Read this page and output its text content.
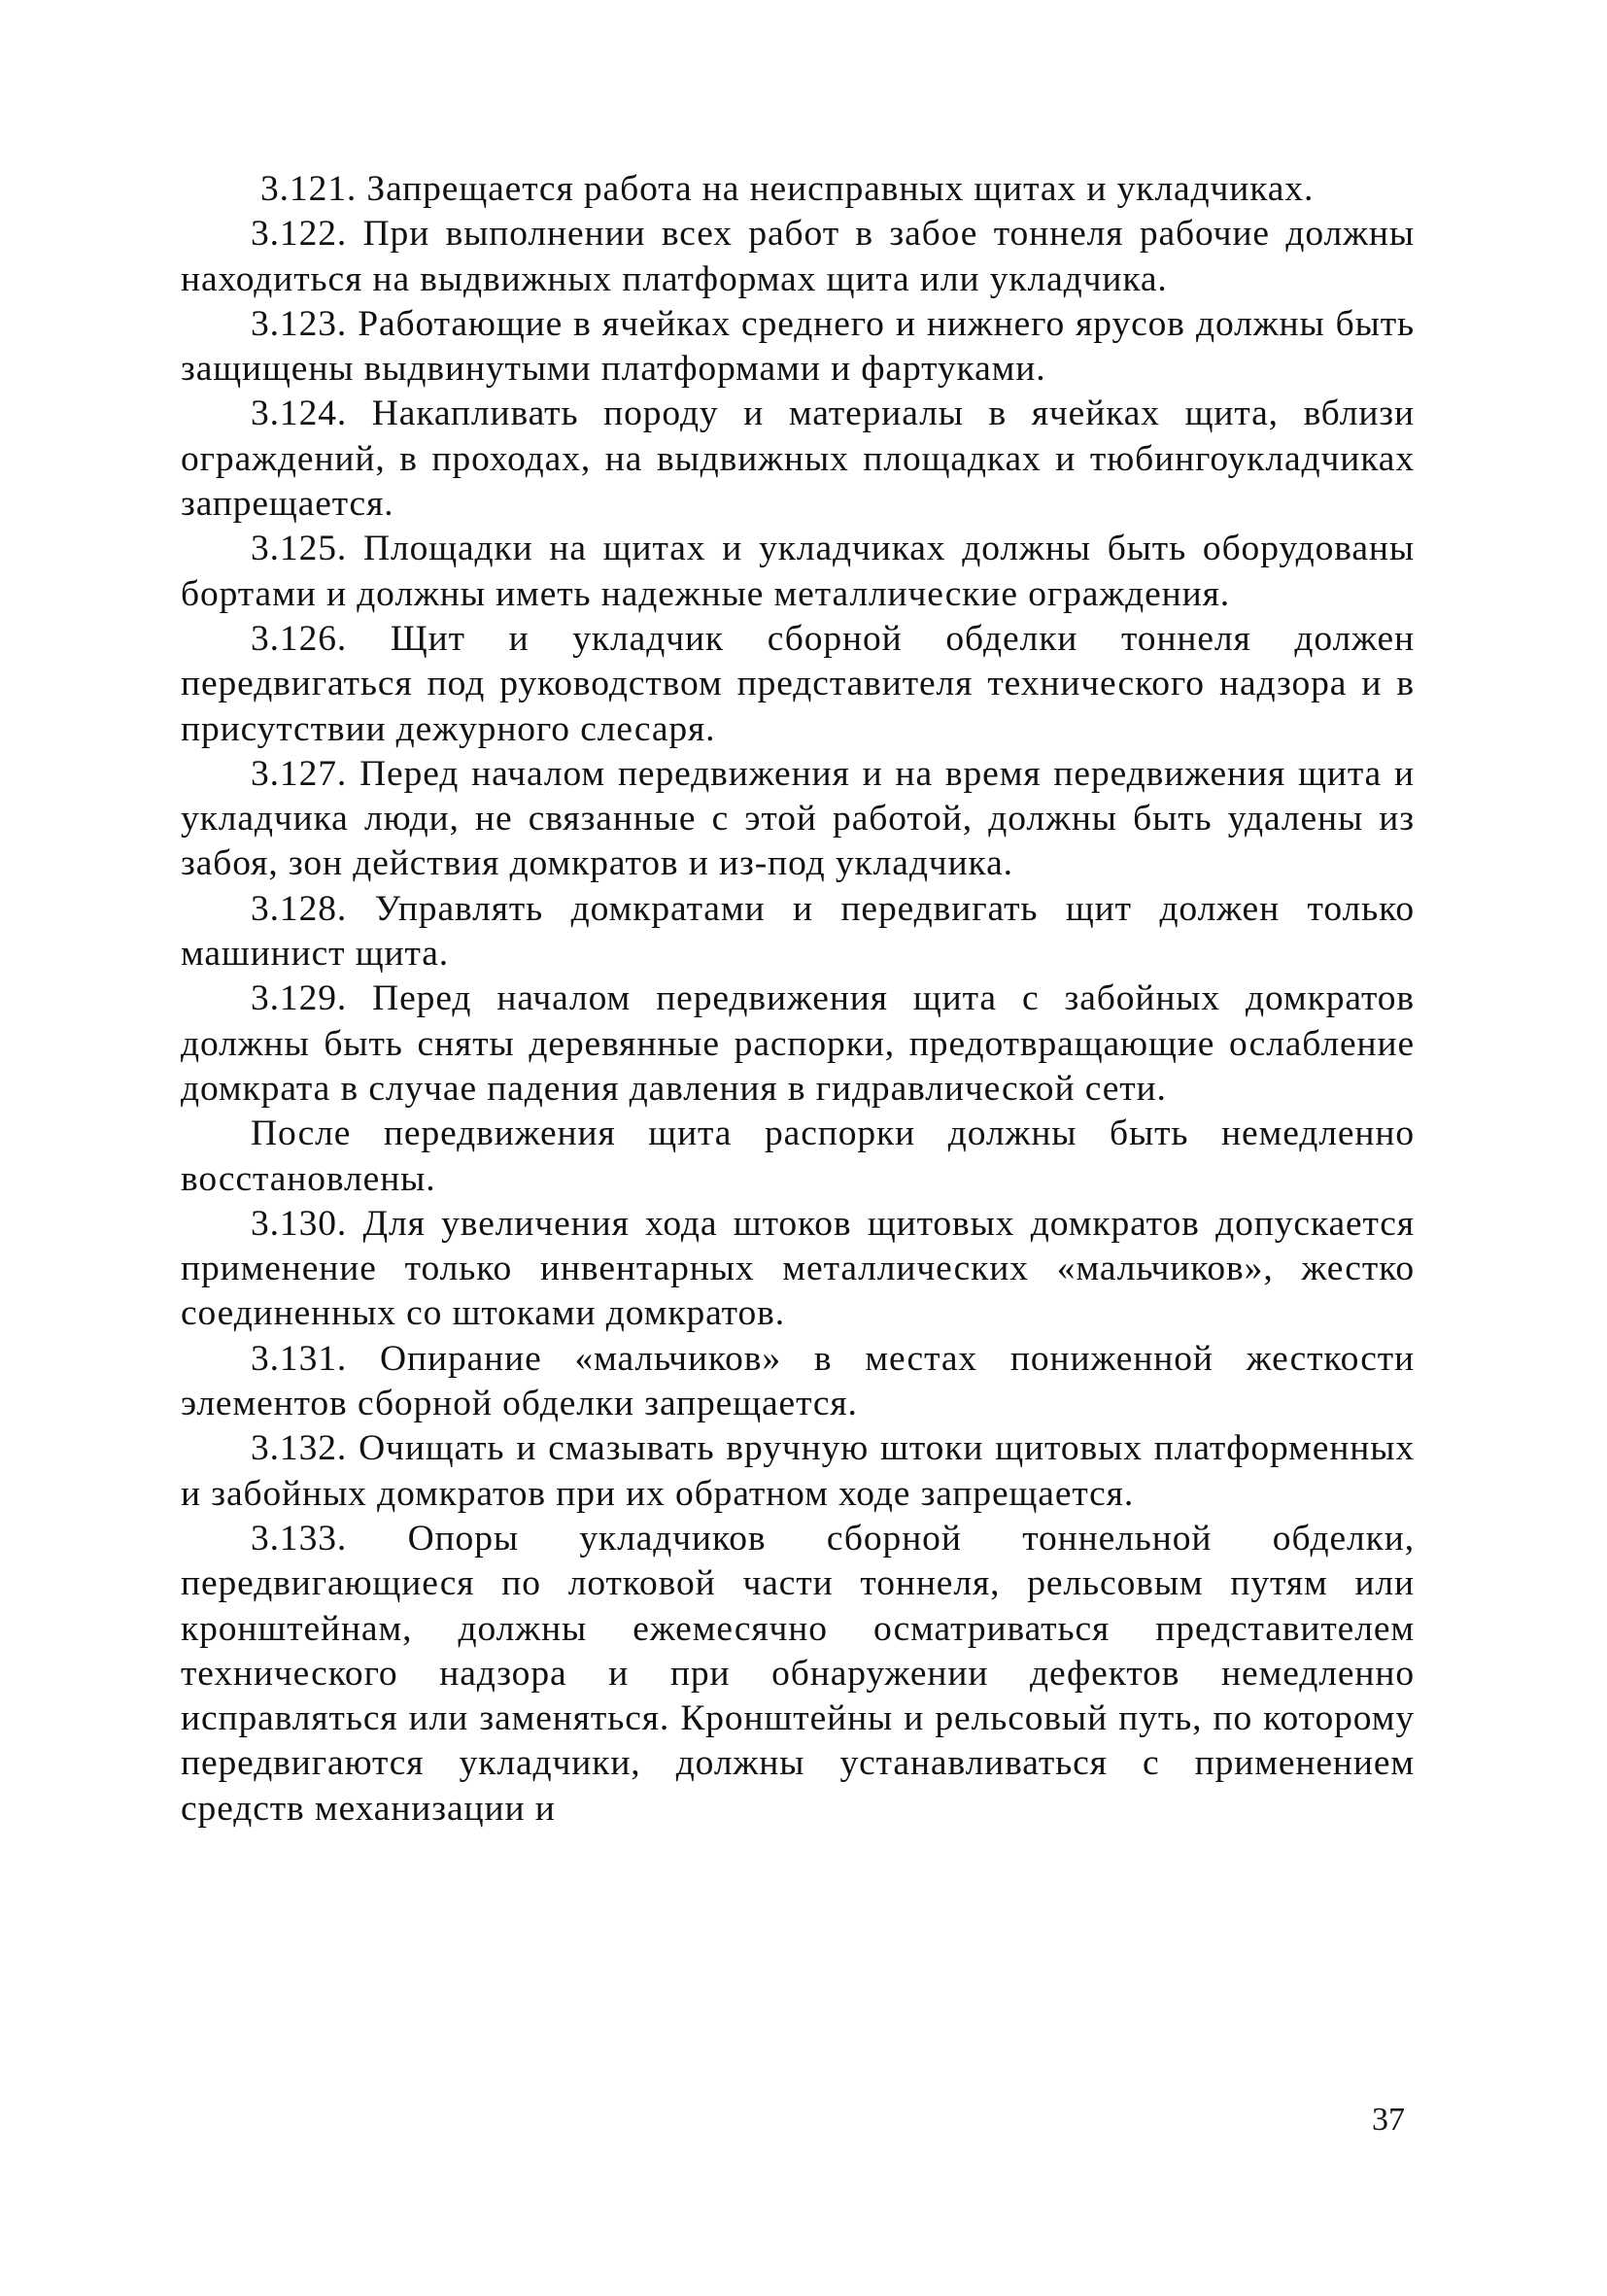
3.121. Запрещается работа на неисправных щитах и укладчиках.

3.122. При выполнении всех работ в забое тоннеля рабочие должны находиться на выдвижных платформах щита или укладчика.

3.123. Работающие в ячейках среднего и нижнего ярусов должны быть защищены выдвинутыми платформами и фартуками.

3.124. Накапливать породу и материалы в ячейках щита, вблизи ограждений, в проходах, на выдвижных площадках и тюбингоукладчиках запрещается.

3.125. Площадки на щитах и укладчиках должны быть оборудованы бортами и должны иметь надежные металлические ограждения.

3.126. Щит и укладчик сборной обделки тоннеля должен передвигаться под руководством представителя технического надзора и в присутствии дежурного слесаря.

3.127. Перед началом передвижения и на время передвижения щита и укладчика люди, не связанные с этой работой, должны быть удалены из забоя, зон действия домкратов и из-под укладчика.

3.128. Управлять домкратами и передвигать щит должен только машинист щита.

3.129. Перед началом передвижения щита с забойных домкратов должны быть сняты деревянные распорки, предотвращающие ослабление домкрата в случае падения давления в гидравлической сети.

После передвижения щита распорки должны быть немедленно восстановлены.

3.130. Для увеличения хода штоков щитовых домкратов допускается применение только инвентарных металлических «мальчиков», жестко соединенных со штоками домкратов.

3.131. Опирание «мальчиков» в местах пониженной жесткости элементов сборной обделки запрещается.

3.132. Очищать и смазывать вручную штоки щитовых платформенных и забойных домкратов при их обратном ходе запрещается.

3.133. Опоры укладчиков сборной тоннельной обделки, передвигающиеся по лотковой части тоннеля, рельсовым путям или кронштейнам, должны ежемесячно осматриваться представителем технического надзора и при обнаружении дефектов немедленно исправляться или заменяться. Кронштейны и рельсовый путь, по которому передвигаются укладчики, должны устанавливаться с применением средств механизации и

37
